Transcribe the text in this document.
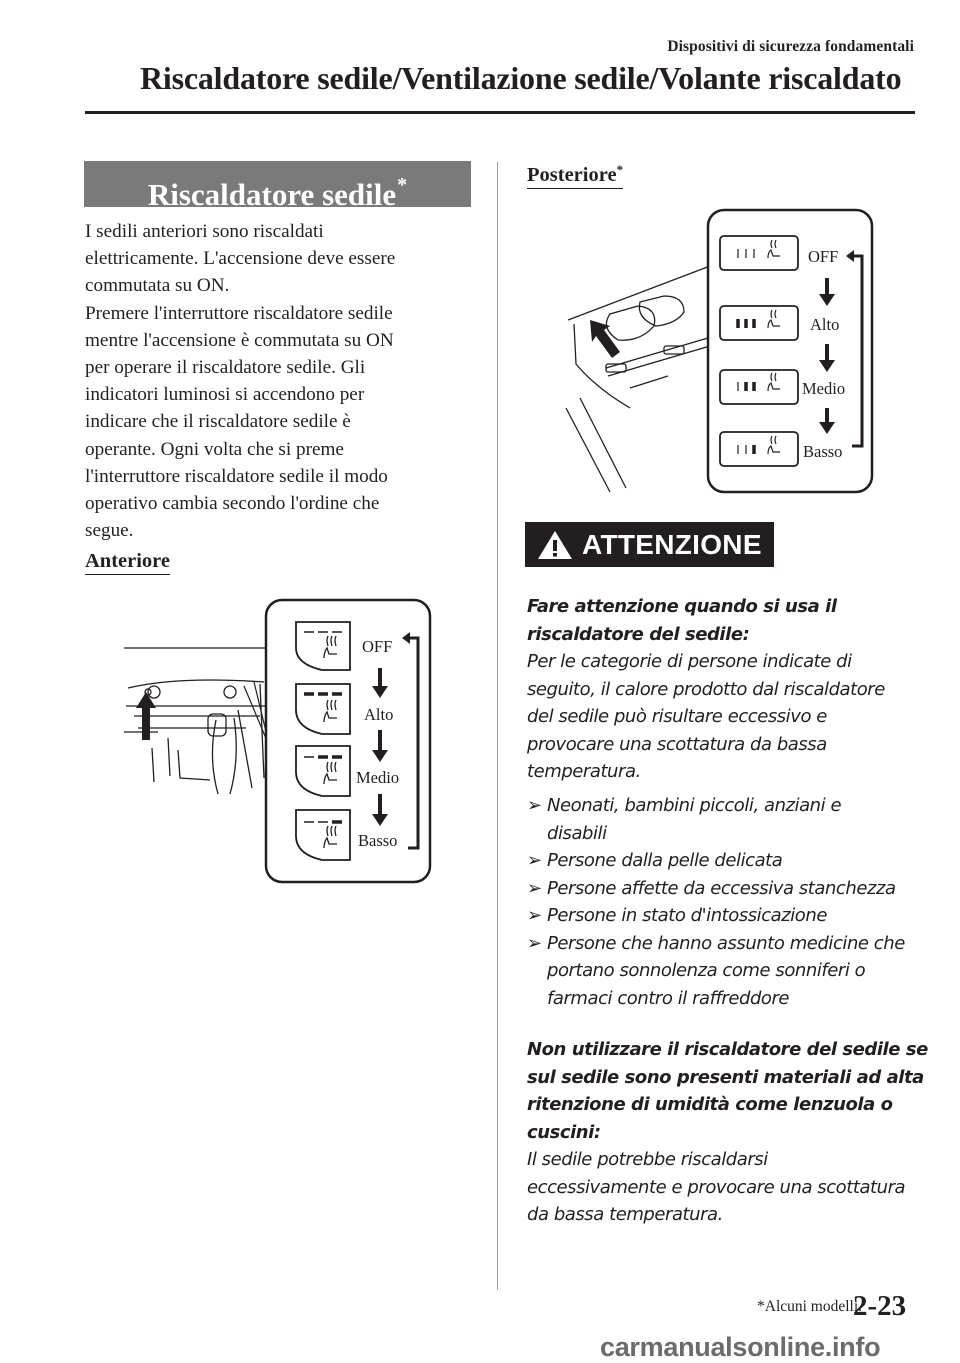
Dispositivi di sicurezza fondamentali
Riscaldatore sedile/Ventilazione sedile/Volante riscaldato
Riscaldatore sedile*
I sedili anteriori sono riscaldati
elettricamente. L'accensione deve essere
commutata su ON.
Premere l'interruttore riscaldatore sedile
mentre l'accensione è commutata su ON
per operare il riscaldatore sedile. Gli
indicatori luminosi si accendono per
indicare che il riscaldatore sedile è
operante. Ogni volta che si preme
l'interruttore riscaldatore sedile il modo
operativo cambia secondo l'ordine che
segue.
Anteriore
OFF
Alto
Medio
Basso
Posteriore*
OFF
Alto
Medio
Basso
ATTENZIONE
Fare attenzione quando si usa il
riscaldatore del sedile:
Per le categorie di persone indicate di
seguito, il calore prodotto dal riscaldatore
del sedile può risultare eccessivo e
provocare una scottatura da bassa
temperatura.
➢ Neonati, bambini piccoli, anziani e
disabili
➢ Persone dalla pelle delicata
➢ Persone affette da eccessiva stanchezza
➢ Persone in stato d'intossicazione
➢ Persone che hanno assunto medicine che
portano sonnolenza come sonniferi o
farmaci contro il raffreddore
Non utilizzare il riscaldatore del sedile se
sul sedile sono presenti materiali ad alta
ritenzione di umidità come lenzuola o
cuscini:
Il sedile potrebbe riscaldarsi
eccessivamente e provocare una scottatura
da bassa temperatura.
*Alcuni modelli.
2-23
carmanualsonline.info
